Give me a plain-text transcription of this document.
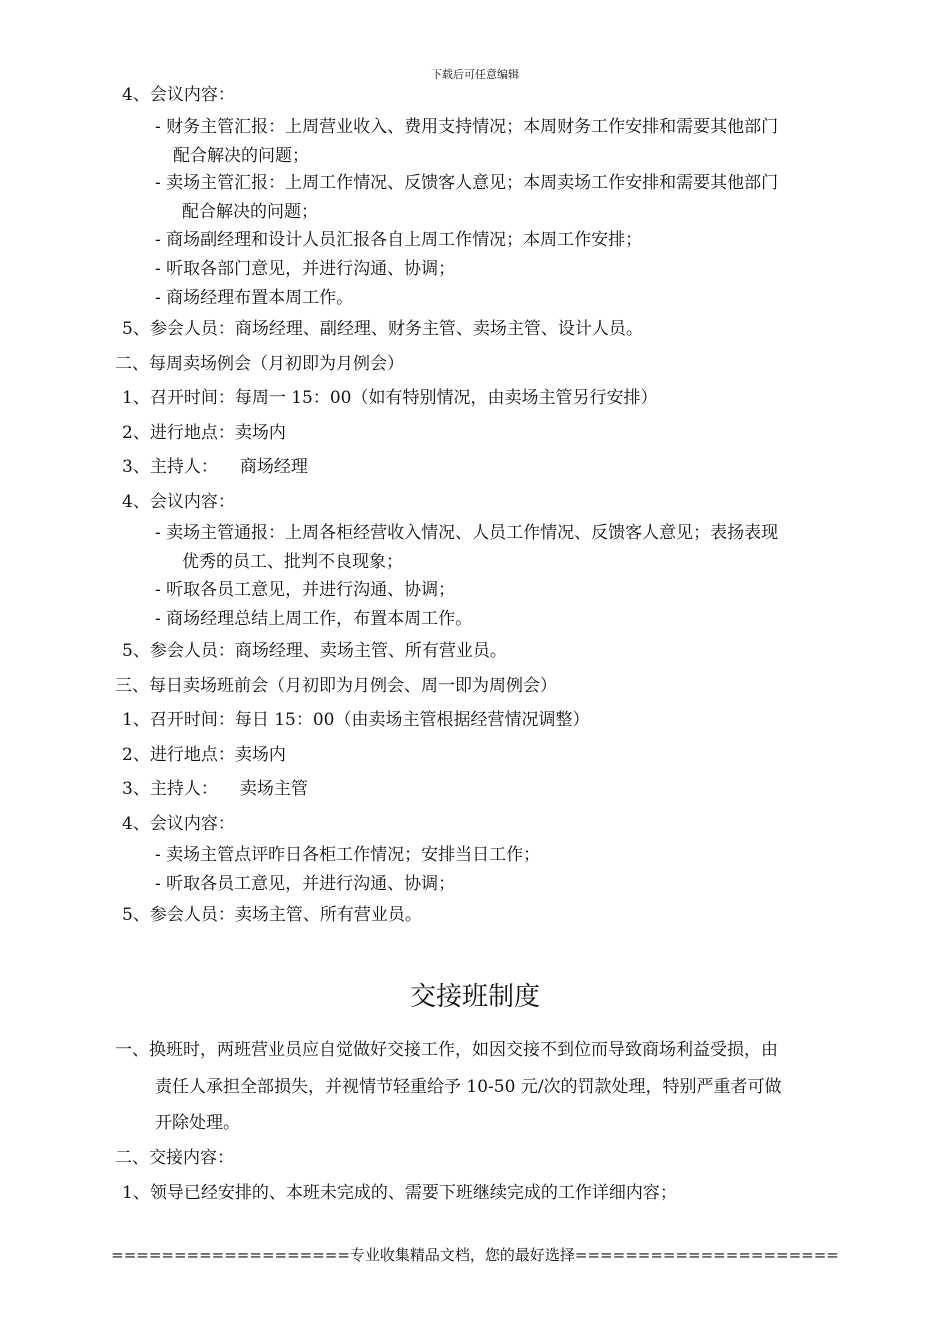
下载后可任意编辑
4、会议内容：
- 财务主管汇报：上周营业收入、费用支持情况；本周财务工作安排和需要其他部门
配合解决的问题；
- 卖场主管汇报：上周工作情况、反馈客人意见；本周卖场工作安排和需要其他部门
配合解决的问题；
- 商场副经理和设计人员汇报各自上周工作情况；本周工作安排；
- 听取各部门意见，并进行沟通、协调；
- 商场经理布置本周工作。
5、参会人员：商场经理、副经理、财务主管、卖场主管、设计人员。
二、每周卖场例会（月初即为月例会）
1、召开时间：每周一 15：00（如有特别情况，由卖场主管另行安排）
2、进行地点：卖场内
3、主持人： 商场经理
4、会议内容：
- 卖场主管通报：上周各柜经营收入情况、人员工作情况、反馈客人意见；表扬表现
优秀的员工、批判不良现象；
- 听取各员工意见，并进行沟通、协调；
- 商场经理总结上周工作，布置本周工作。
5、参会人员：商场经理、卖场主管、所有营业员。
三、每日卖场班前会（月初即为月例会、周一即为周例会）
1、召开时间：每日 15：00（由卖场主管根据经营情况调整）
2、进行地点：卖场内
3、主持人： 卖场主管
4、会议内容：
- 卖场主管点评昨日各柜工作情况；安排当日工作；
- 听取各员工意见，并进行沟通、协调；
5、参会人员：卖场主管、所有营业员。
交接班制度
一、换班时，两班营业员应自觉做好交接工作，如因交接不到位而导致商场利益受损，由
责任人承担全部损失，并视情节轻重给予 10-50 元/次的罚款处理，特别严重者可做
开除处理。
二、交接内容：
1、领导已经安排的、本班未完成的、需要下班继续完成的工作详细内容；
===================专业收集精品文档，您的最好选择=====================
